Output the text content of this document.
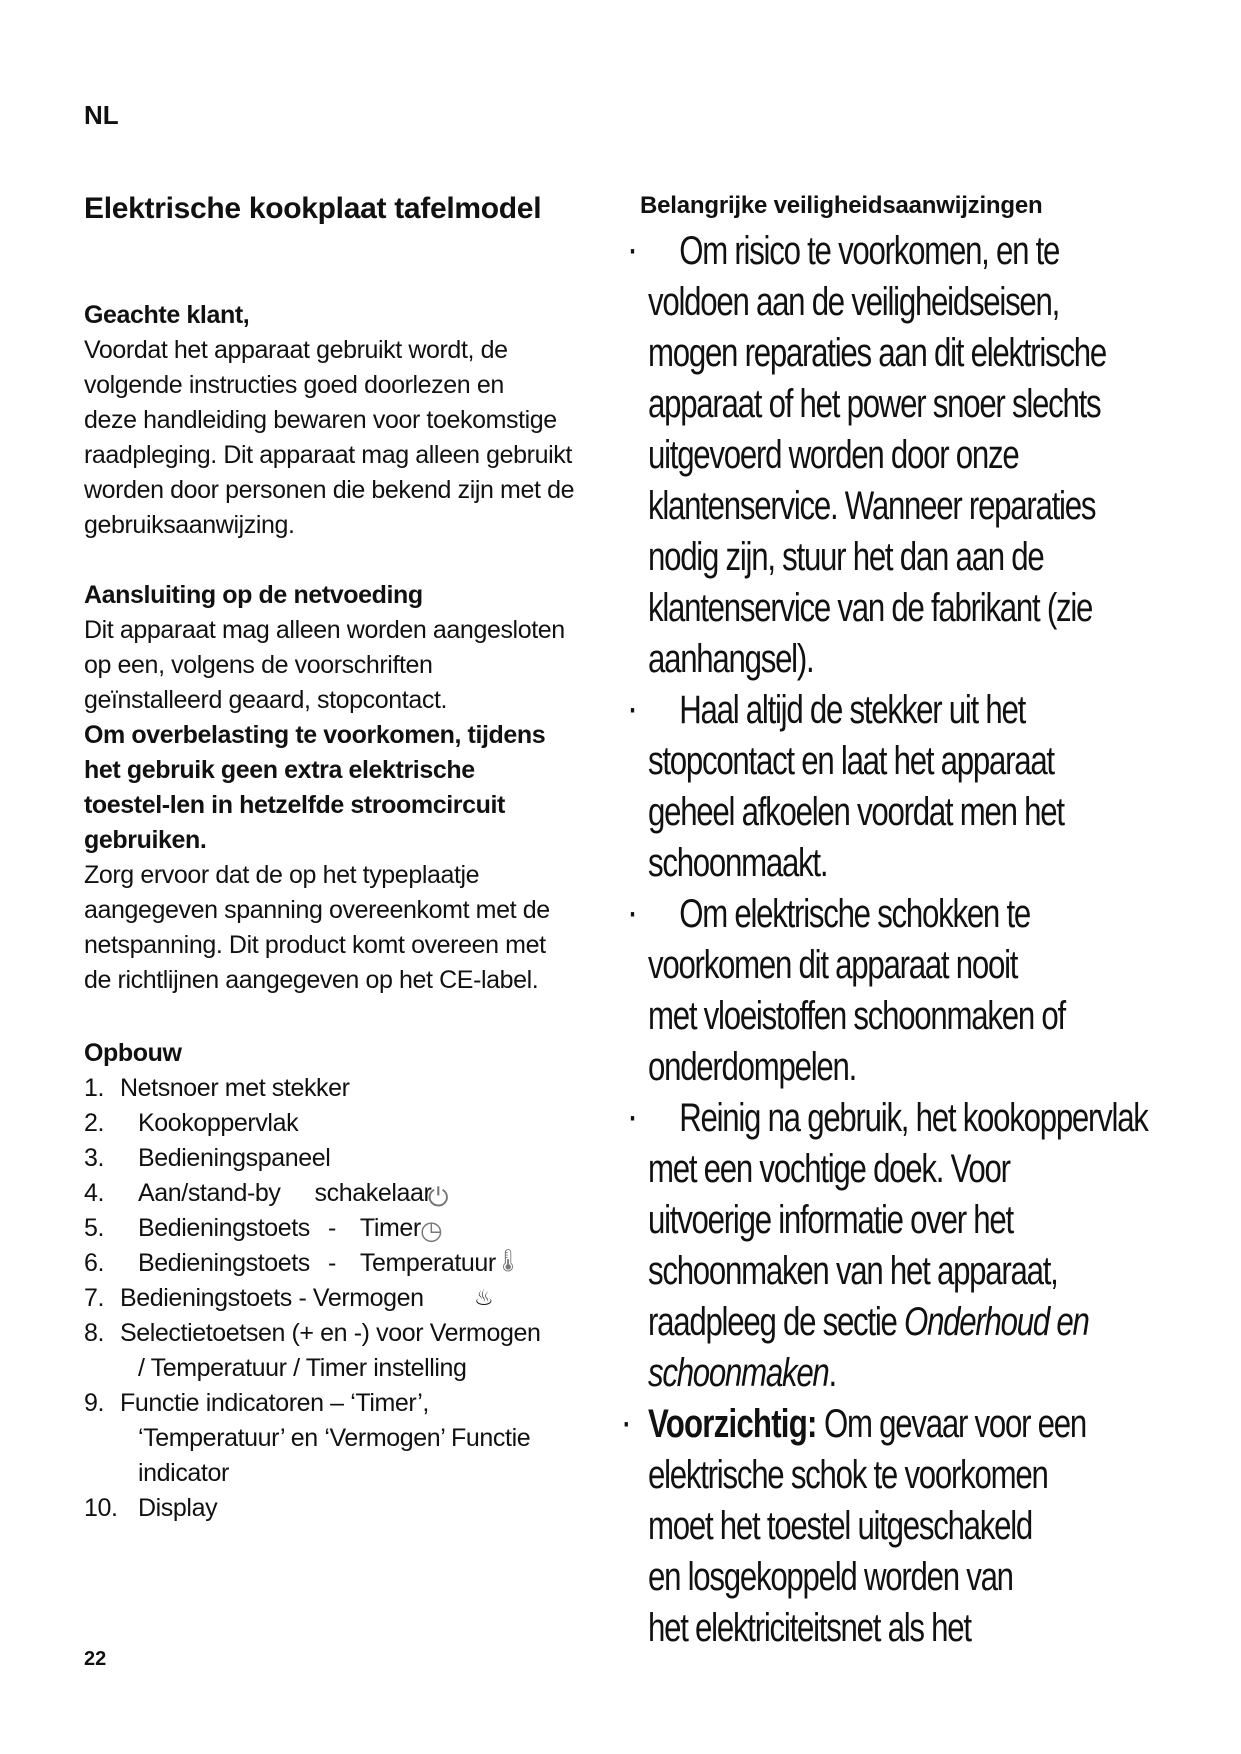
NL
Elektrische kookplaat tafelmodel

Geachte klant,

Voordat het apparaat gebruikt wordt, de

volgende instructies goed doorlezen en

deze handleiding bewaren voor toekomstige

raadpleging. Dit apparaat mag alleen gebruikt

worden door personen die bekend zijn met de

gebruiksaanwijzing.

Aansluiting op de netvoeding

Dit apparaat mag alleen worden aangesloten

op een, volgens de voorschriften

geïnstalleerd geaard, stopcontact.

Om overbelasting te voorkomen, tijdens

het gebruik geen extra elektrische

toestel-len in hetzelfde stroomcircuit

gebruiken.

Zorg ervoor dat de op het typeplaatje

aangegeven spanning overeenkomt met de

netspanning. Dit product komt overeen met

de richtlijnen aangegeven op het CE-label.

Opbouw

1. Netsnoer met stekker
2. Kookoppervlak
3. Bedieningspaneel
4. Aan/stand-by schakelaar
⏻
5. Bedieningstoets - Timer ◷
6. Bedieningstoets - Temperatuur
🌡
7. Bedieningstoets - Vermogen ♨
8. Selectietoetsen (+ en -) voor Vermogen
/ Temperatuur / Timer instelling
9. Functie indicatoren – ‘Timer’,
‘Temperatuur’ en ‘Vermogen’ Functie
indicator
10. Display
22
Belangrijke veiligheidsaanwijzingen

· Om risico te voorkomen, en te

voldoen aan de veiligheidseisen,

mogen reparaties aan dit elektrische

apparaat of het power snoer slechts

uitgevoerd worden door onze

klantenservice. Wanneer reparaties

nodig zijn, stuur het dan aan de

klantenservice van de fabrikant (zie

aanhangsel).

· Haal altijd de stekker uit het

stopcontact en laat het apparaat

geheel afkoelen voordat men het

schoonmaakt.

· Om elektrische schokken te

voorkomen dit apparaat nooit

met vloeistoffen schoonmaken of

onderdompelen.

· Reinig na gebruik, het kookoppervlak

met een vochtige doek. Voor

uitvoerige informatie over het

schoonmaken van het apparaat,

raadpleeg de sectie Onderhoud en

schoonmaken.

· Voorzichtig: Om gevaar voor een

elektrische schok te voorkomen

moet het toestel uitgeschakeld

en losgekoppeld worden van

het elektriciteitsnet als het
